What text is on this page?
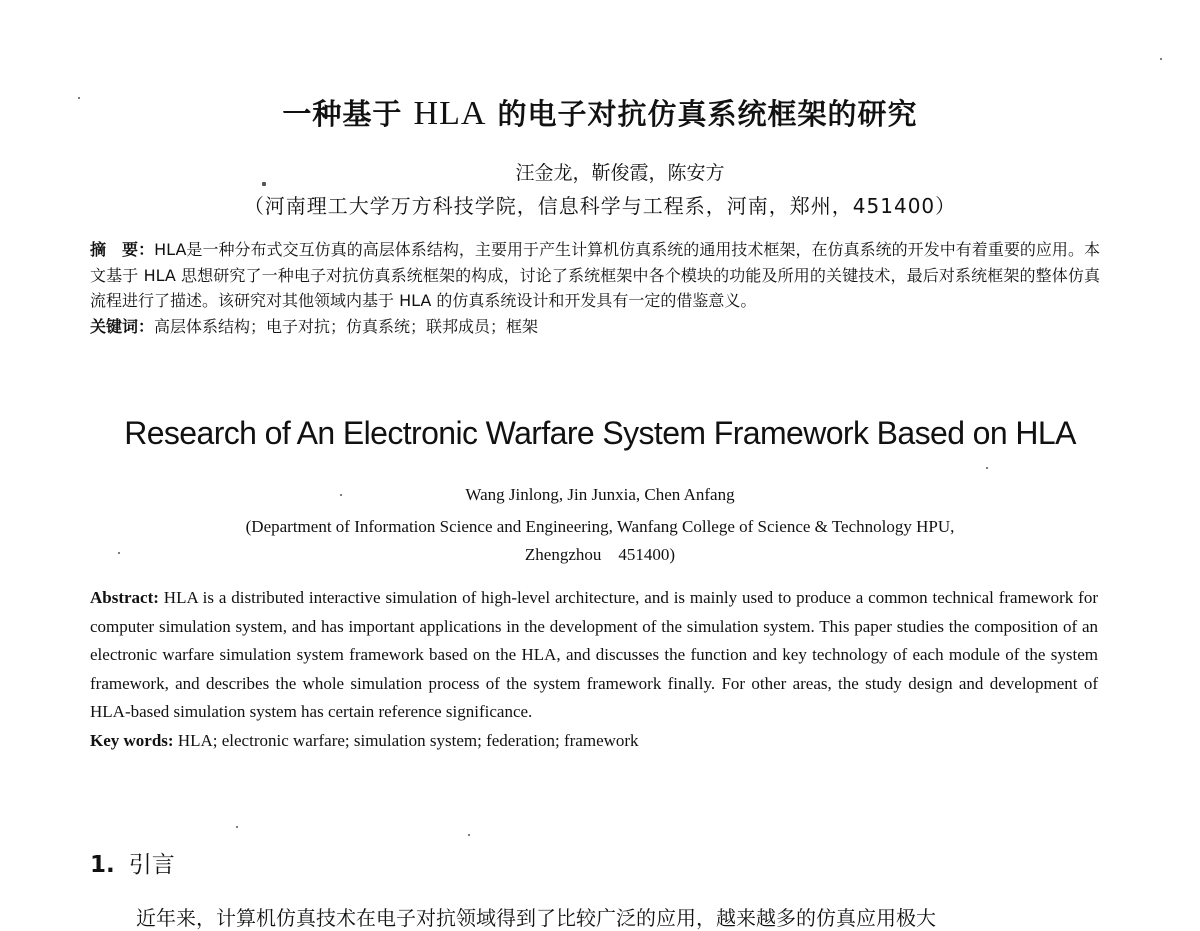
一种基于 HLA 的电子对抗仿真系统框架的研究
汪金龙，靳俊霞，陈安方
（河南理工大学万方科技学院，信息科学与工程系，河南，郑州，451400）
摘　要：HLA是一种分布式交互仿真的高层体系结构，主要用于产生计算机仿真系统的通用技术框架，在仿真系统的开发中有着重要的应用。本文基于 HLA 思想研究了一种电子对抗仿真系统框架的构成，讨论了系统框架中各个模块的功能及所用的关键技术，最后对系统框架的整体仿真流程进行了描述。该研究对其他领域内基于 HLA 的仿真系统设计和开发具有一定的借鉴意义。
关键词：高层体系结构；电子对抗；仿真系统；联邦成员；框架
Research of An Electronic Warfare System Framework Based on HLA
Wang Jinlong, Jin Junxia, Chen Anfang
(Department of Information Science and Engineering, Wanfang College of Science & Technology HPU,
Zhengzhou　451400)
Abstract: HLA is a distributed interactive simulation of high-level architecture, and is mainly used to produce a common technical framework for computer simulation system, and has important applications in the development of the simulation system. This paper studies the composition of an electronic warfare simulation system framework based on the HLA, and discusses the function and key technology of each module of the system framework, and describes the whole simulation process of the system framework finally. For other areas, the study design and development of HLA-based simulation system has certain reference significance.
Key words: HLA; electronic warfare; simulation system; federation; framework
1. 引言
近年来，计算机仿真技术在电子对抗领域得到了比较广泛的应用，越来越多的仿真应用极大
